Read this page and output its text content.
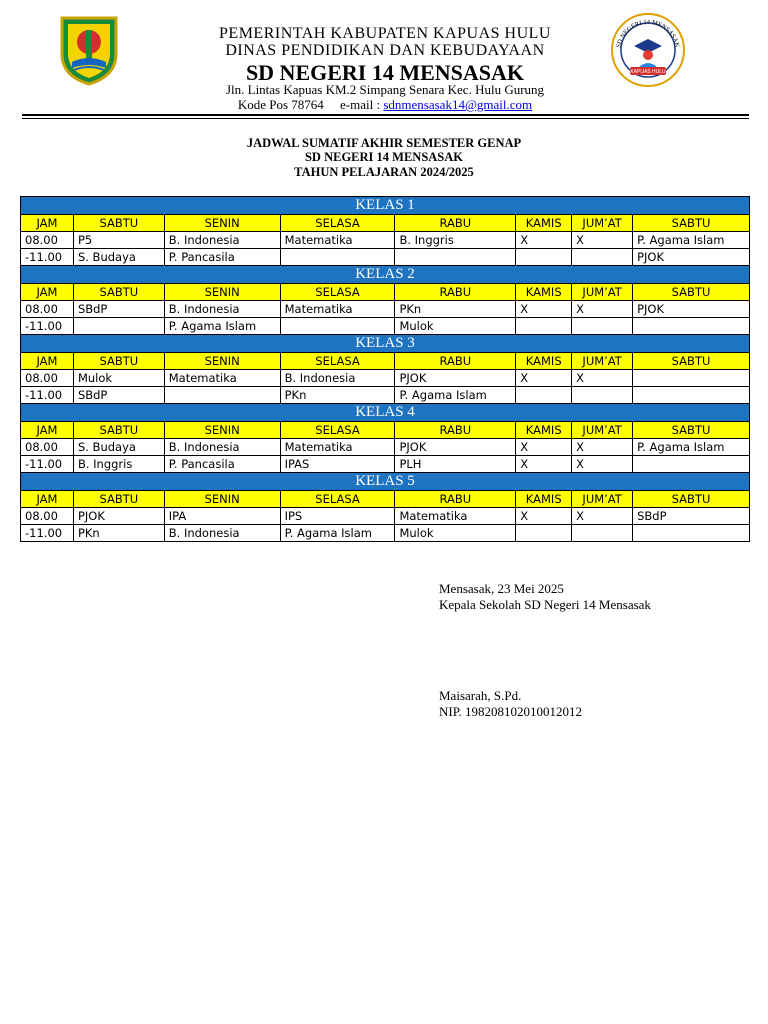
PEMERINTAH KABUPATEN KAPUAS HULU
DINAS PENDIDIKAN DAN KEBUDAYAAN
SD NEGERI 14 MENSASAK
Jln. Lintas Kapuas KM.2 Simpang Senara Kec. Hulu Gurung
Kode Pos 78764     e-mail : sdnmensasak14@gmail.com
SD NEGERI 14 MENSASAK
KAPUAS HULU
JADWAL SUMATIF AKHIR SEMESTER GENAP
SD NEGERI 14 MENSASAK
TAHUN PELAJARAN 2024/2025
KELAS 1							
JAM	SABTU	SENIN	SELASA	RABU	KAMIS	JUM’AT	SABTU
08.00	P5	B. Indonesia	Matematika	B. Inggris	X	X	P. Agama Islam
-11.00	S. Budaya	P. Pancasila					PJOK
KELAS 2							
JAM	SABTU	SENIN	SELASA	RABU	KAMIS	JUM’AT	SABTU
08.00	SBdP	B. Indonesia	Matematika	PKn	X	X	PJOK
-11.00		P. Agama Islam		Mulok			
KELAS 3							
JAM	SABTU	SENIN	SELASA	RABU	KAMIS	JUM’AT	SABTU
08.00	Mulok	Matematika	B. Indonesia	PJOK	X	X	
-11.00	SBdP		PKn	P. Agama Islam			
KELAS 4							
JAM	SABTU	SENIN	SELASA	RABU	KAMIS	JUM’AT	SABTU
08.00	S. Budaya	B. Indonesia	Matematika	PJOK	X	X	P. Agama Islam
-11.00	B. Inggris	P. Pancasila	IPAS	PLH	X	X	
KELAS 5							
JAM	SABTU	SENIN	SELASA	RABU	KAMIS	JUM’AT	SABTU
08.00	PJOK	IPA	IPS	Matematika	X	X	SBdP
-11.00	PKn	B. Indonesia	P. Agama Islam	Mulok			
Mensasak, 23 Mei 2025
Kepala Sekolah SD Negeri 14 Mensasak
Maisarah, S.Pd.
NIP. 198208102010012012
